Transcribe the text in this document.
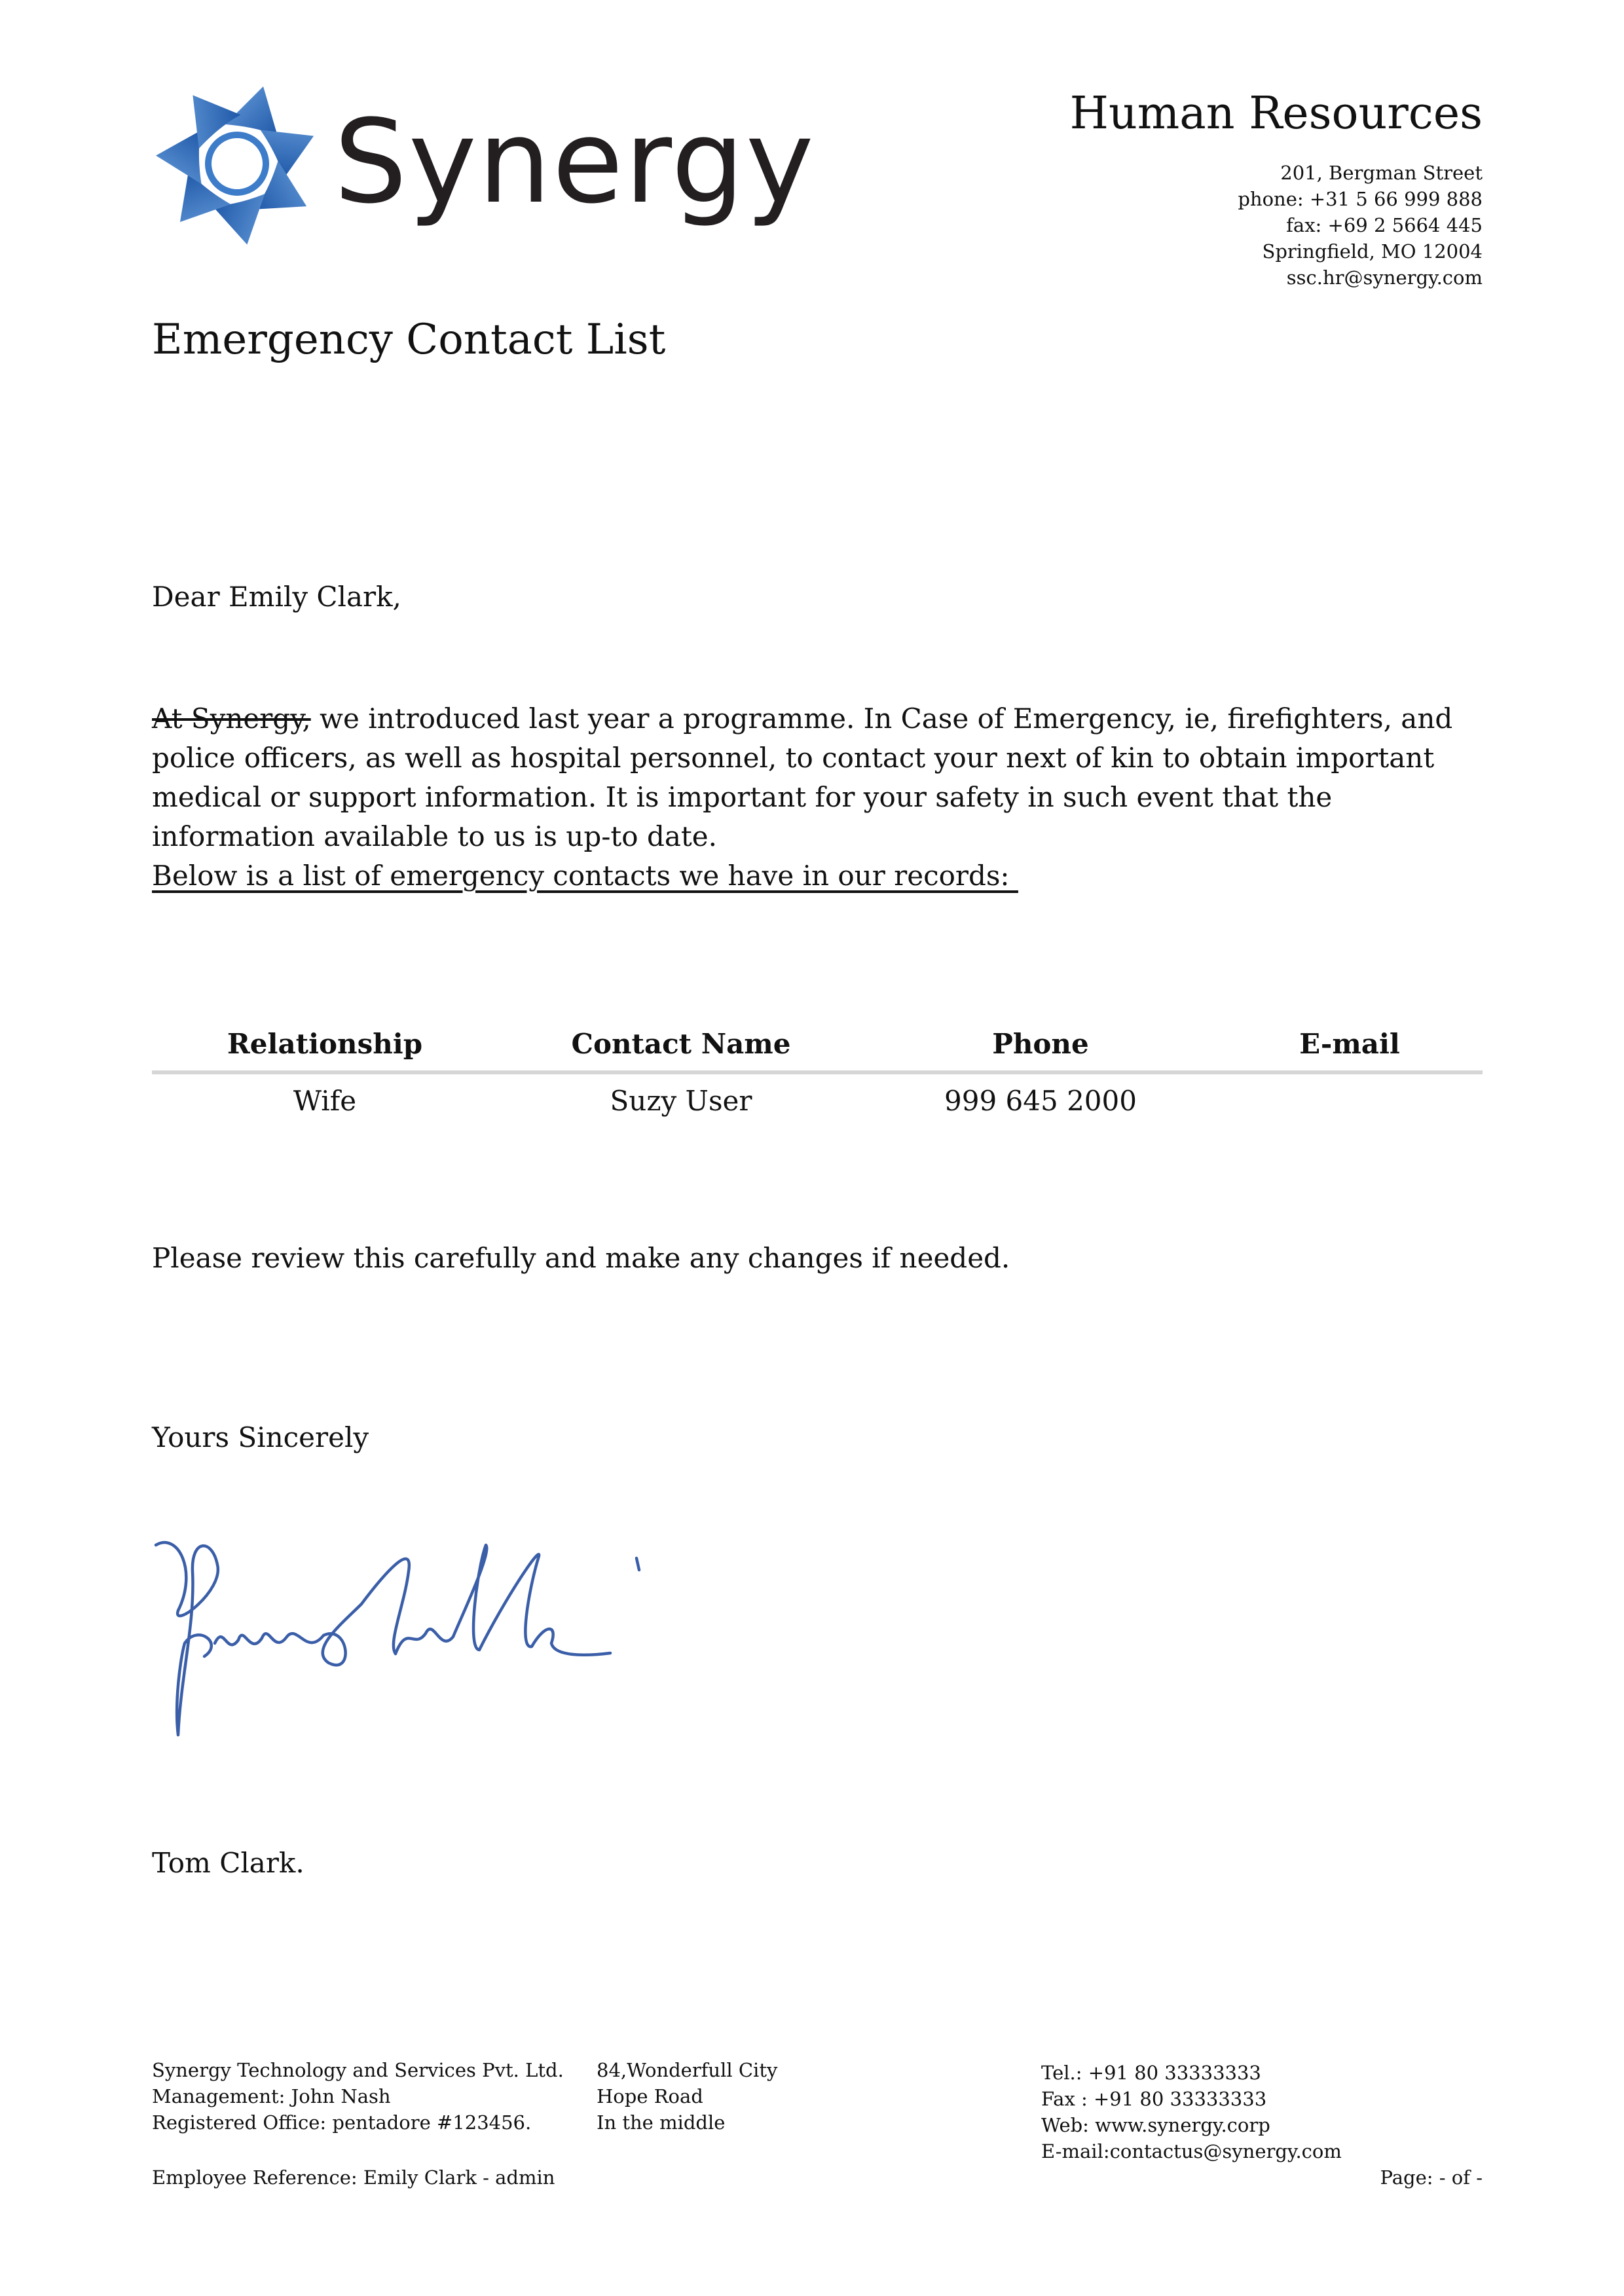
Synergy	Human Resources
201, Bergman Street
phone: +31 5 66 999 888
fax: +69 2 5664 445
Springfield, MO 12004
ssc.hr@synergy.com
Emergency Contact List
Dear Emily Clark,
At Synergy, we introduced last year a programme. In Case of Emergency, ie, firefighters, and police officers, as well as hospital personnel, to contact your next of kin to obtain important medical or support information. It is important for your safety in such event that the information available to us is up-to date.
Below is a list of emergency contacts we have in our records:
Relationship	Contact Name	Phone	E-mail
Wife	Suzy User	999 645 2000
Please review this carefully and make any changes if needed.
Yours Sincerely
Tom Clark.
Synergy Technology and Services Pvt. Ltd.
Management: John Nash
Registered Office: pentadore #123456.
84,Wonderfull City
Hope Road
In the middle
Tel.: +91 80 33333333
Fax : +91 80 33333333
Web: www.synergy.corp
E-mail:contactus@synergy.com
Employee Reference: Emily Clark - admin	Page: - of -
